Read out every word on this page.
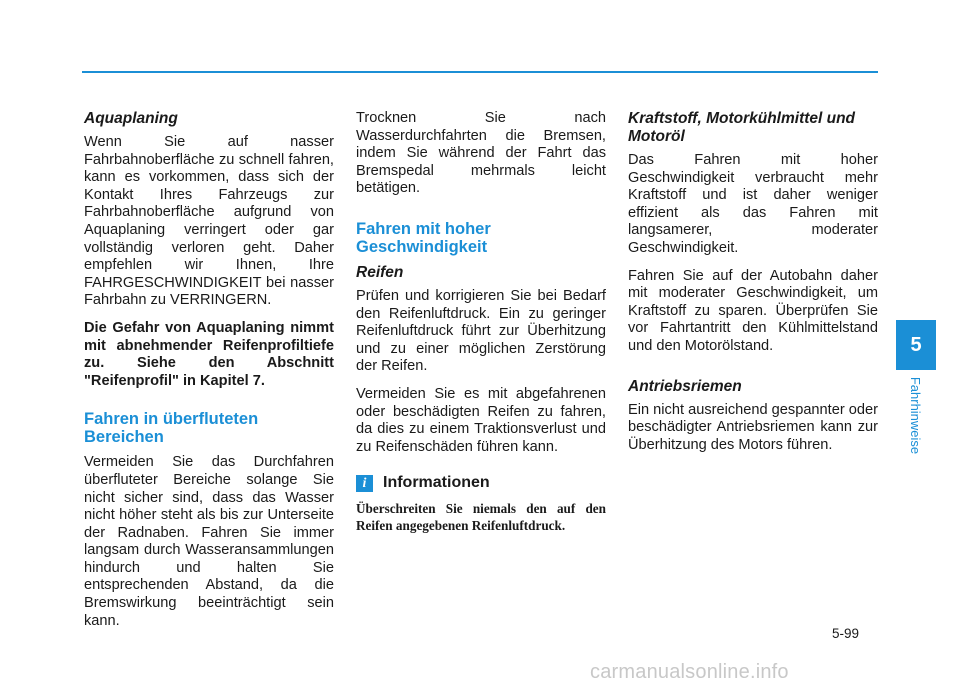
Aquaplaning

Wenn Sie auf nasser Fahrbahnoberfläche zu schnell fahren, kann es vorkommen, dass sich der Kontakt Ihres Fahrzeugs zur Fahrbahnoberfläche aufgrund von Aquaplaning verringert oder gar vollständig verloren geht. Daher empfehlen wir Ihnen, Ihre FAHRGESCHWINDIGKEIT bei nasser Fahrbahn zu VERRINGERN.

Die Gefahr von Aquaplaning nimmt mit abnehmender Reifenprofiltiefe zu. Siehe den Abschnitt "Reifenprofil" in Kapitel 7.

Fahren in überfluteten Bereichen

Vermeiden Sie das Durchfahren überfluteter Bereiche solange Sie nicht sicher sind, dass das Wasser nicht höher steht als bis zur Unterseite der Radnaben. Fahren Sie immer langsam durch Wasseransammlungen hindurch und halten Sie entsprechenden Abstand, da die Bremswirkung beeinträchtigt sein kann.

Trocknen Sie nach Wasserdurchfahrten die Bremsen, indem Sie während der Fahrt das Bremspedal mehrmals leicht betätigen.

Fahren mit hoher Geschwindigkeit
Reifen

Prüfen und korrigieren Sie bei Bedarf den Reifenluftdruck. Ein zu geringer Reifenluftdruck führt zur Überhitzung und zu einer möglichen Zerstörung der Reifen.

Vermeiden Sie es mit abgefahrenen oder beschädigten Reifen zu fahren, da dies zu einem Traktionsverlust und zu Reifenschäden führen kann.

i	Informationen

Überschreiten Sie niemals den auf den Reifen angegebenen Reifenluftdruck.

Kraftstoff, Motorkühlmittel und Motoröl

Das Fahren mit hoher Geschwindigkeit verbraucht mehr Kraftstoff und ist daher weniger effizient als das Fahren mit langsamerer, moderater Geschwindigkeit.

Fahren Sie auf der Autobahn daher mit moderater Geschwindigkeit, um Kraftstoff zu sparen. Überprüfen Sie vor Fahrtantritt den Kühlmittelstand und den Motorölstand.

Antriebsriemen

Ein nicht ausreichend gespannter oder beschädigter Antriebsriemen kann zur Überhitzung des Motors führen.

5
Fahrhinweise
5-99
carmanualsonline.info
